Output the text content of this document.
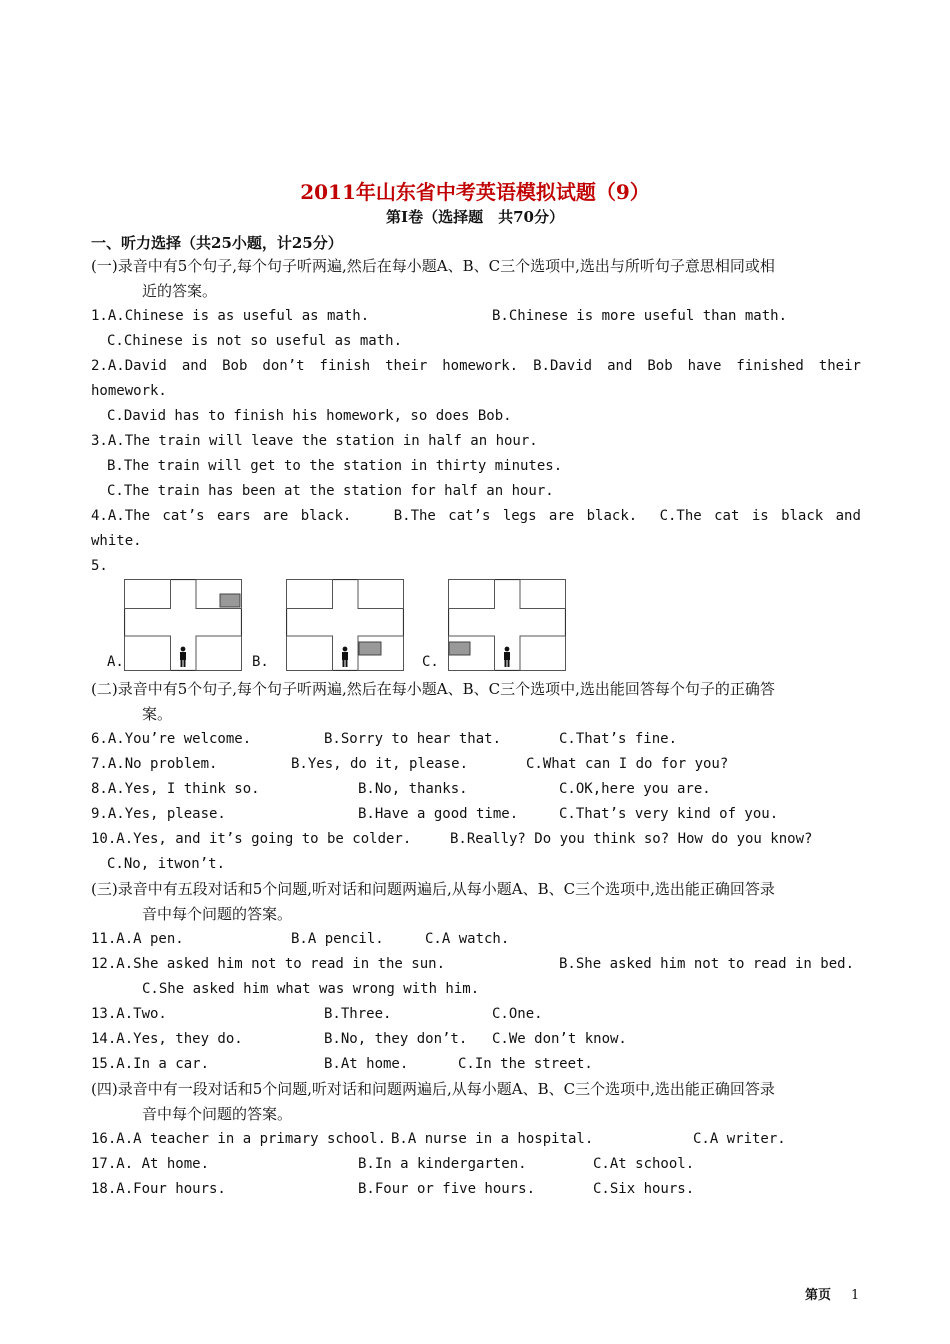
2011年山东省中考英语模拟试题（9）
第Ⅰ卷（选择题　共70分）
一、听力选择（共25小题，计25分）
(一)录音中有5个句子,每个句子听两遍,然后在每小题A、B、C三个选项中,选出与所听句子意思相同或相
近的答案。
1.A.Chinese is as useful as math.	B.Chinese is more useful than math.
C.Chinese is not so useful as math.
2.A.David and Bob don’t finish their homework. B.David and Bob have finished their
homework.
C.David has to finish his homework, so does Bob.
3.A.The train will leave the station in half an hour.
B.The train will get to the station in thirty minutes.
C.The train has been at the station for half an hour.
4.A.The cat’s ears are black.	B.The cat’s legs are black. C.The cat is black and
white.
5.
A.	B.	C.
(二)录音中有5个句子,每个句子听两遍,然后在每小题A、B、C三个选项中,选出能回答每个句子的正确答
案。
6.A.You’re welcome.	B.Sorry to hear that.	C.That’s fine.
7.A.No problem.	B.Yes, do it, please.	C.What can I do for you?
8.A.Yes, I think so.	B.No, thanks.	C.OK,here you are.
9.A.Yes, please.	B.Have a good time.	C.That’s very kind of you.
10.A.Yes, and it’s going to be colder.	B.Really? Do you think so? How do you know?
C.No, itwon’t.
(三)录音中有五段对话和5个问题,听对话和问题两遍后,从每小题A、B、C三个选项中,选出能正确回答录
音中每个问题的答案。
11.A.A pen.	B.A pencil.	C.A watch.
12.A.She asked him not to read in the sun.	B.She asked him not to read in bed.
C.She asked him what was wrong with him.
13.A.Two.	B.Three.	C.One.
14.A.Yes, they do.	B.No, they don’t. C.We don’t know.
15.A.In a car.	B.At home.	C.In the street.
(四)录音中有一段对话和5个问题,听对话和问题两遍后,从每小题A、B、C三个选项中,选出能正确回答录
音中每个问题的答案。
16.A.A teacher in a primary school. B.A nurse in a hospital.	C.A writer.
17.A. At home.	B.In a kindergarten.	C.At school.
18.A.Four hours.	B.Four or five hours.	C.Six hours.
第页 1
